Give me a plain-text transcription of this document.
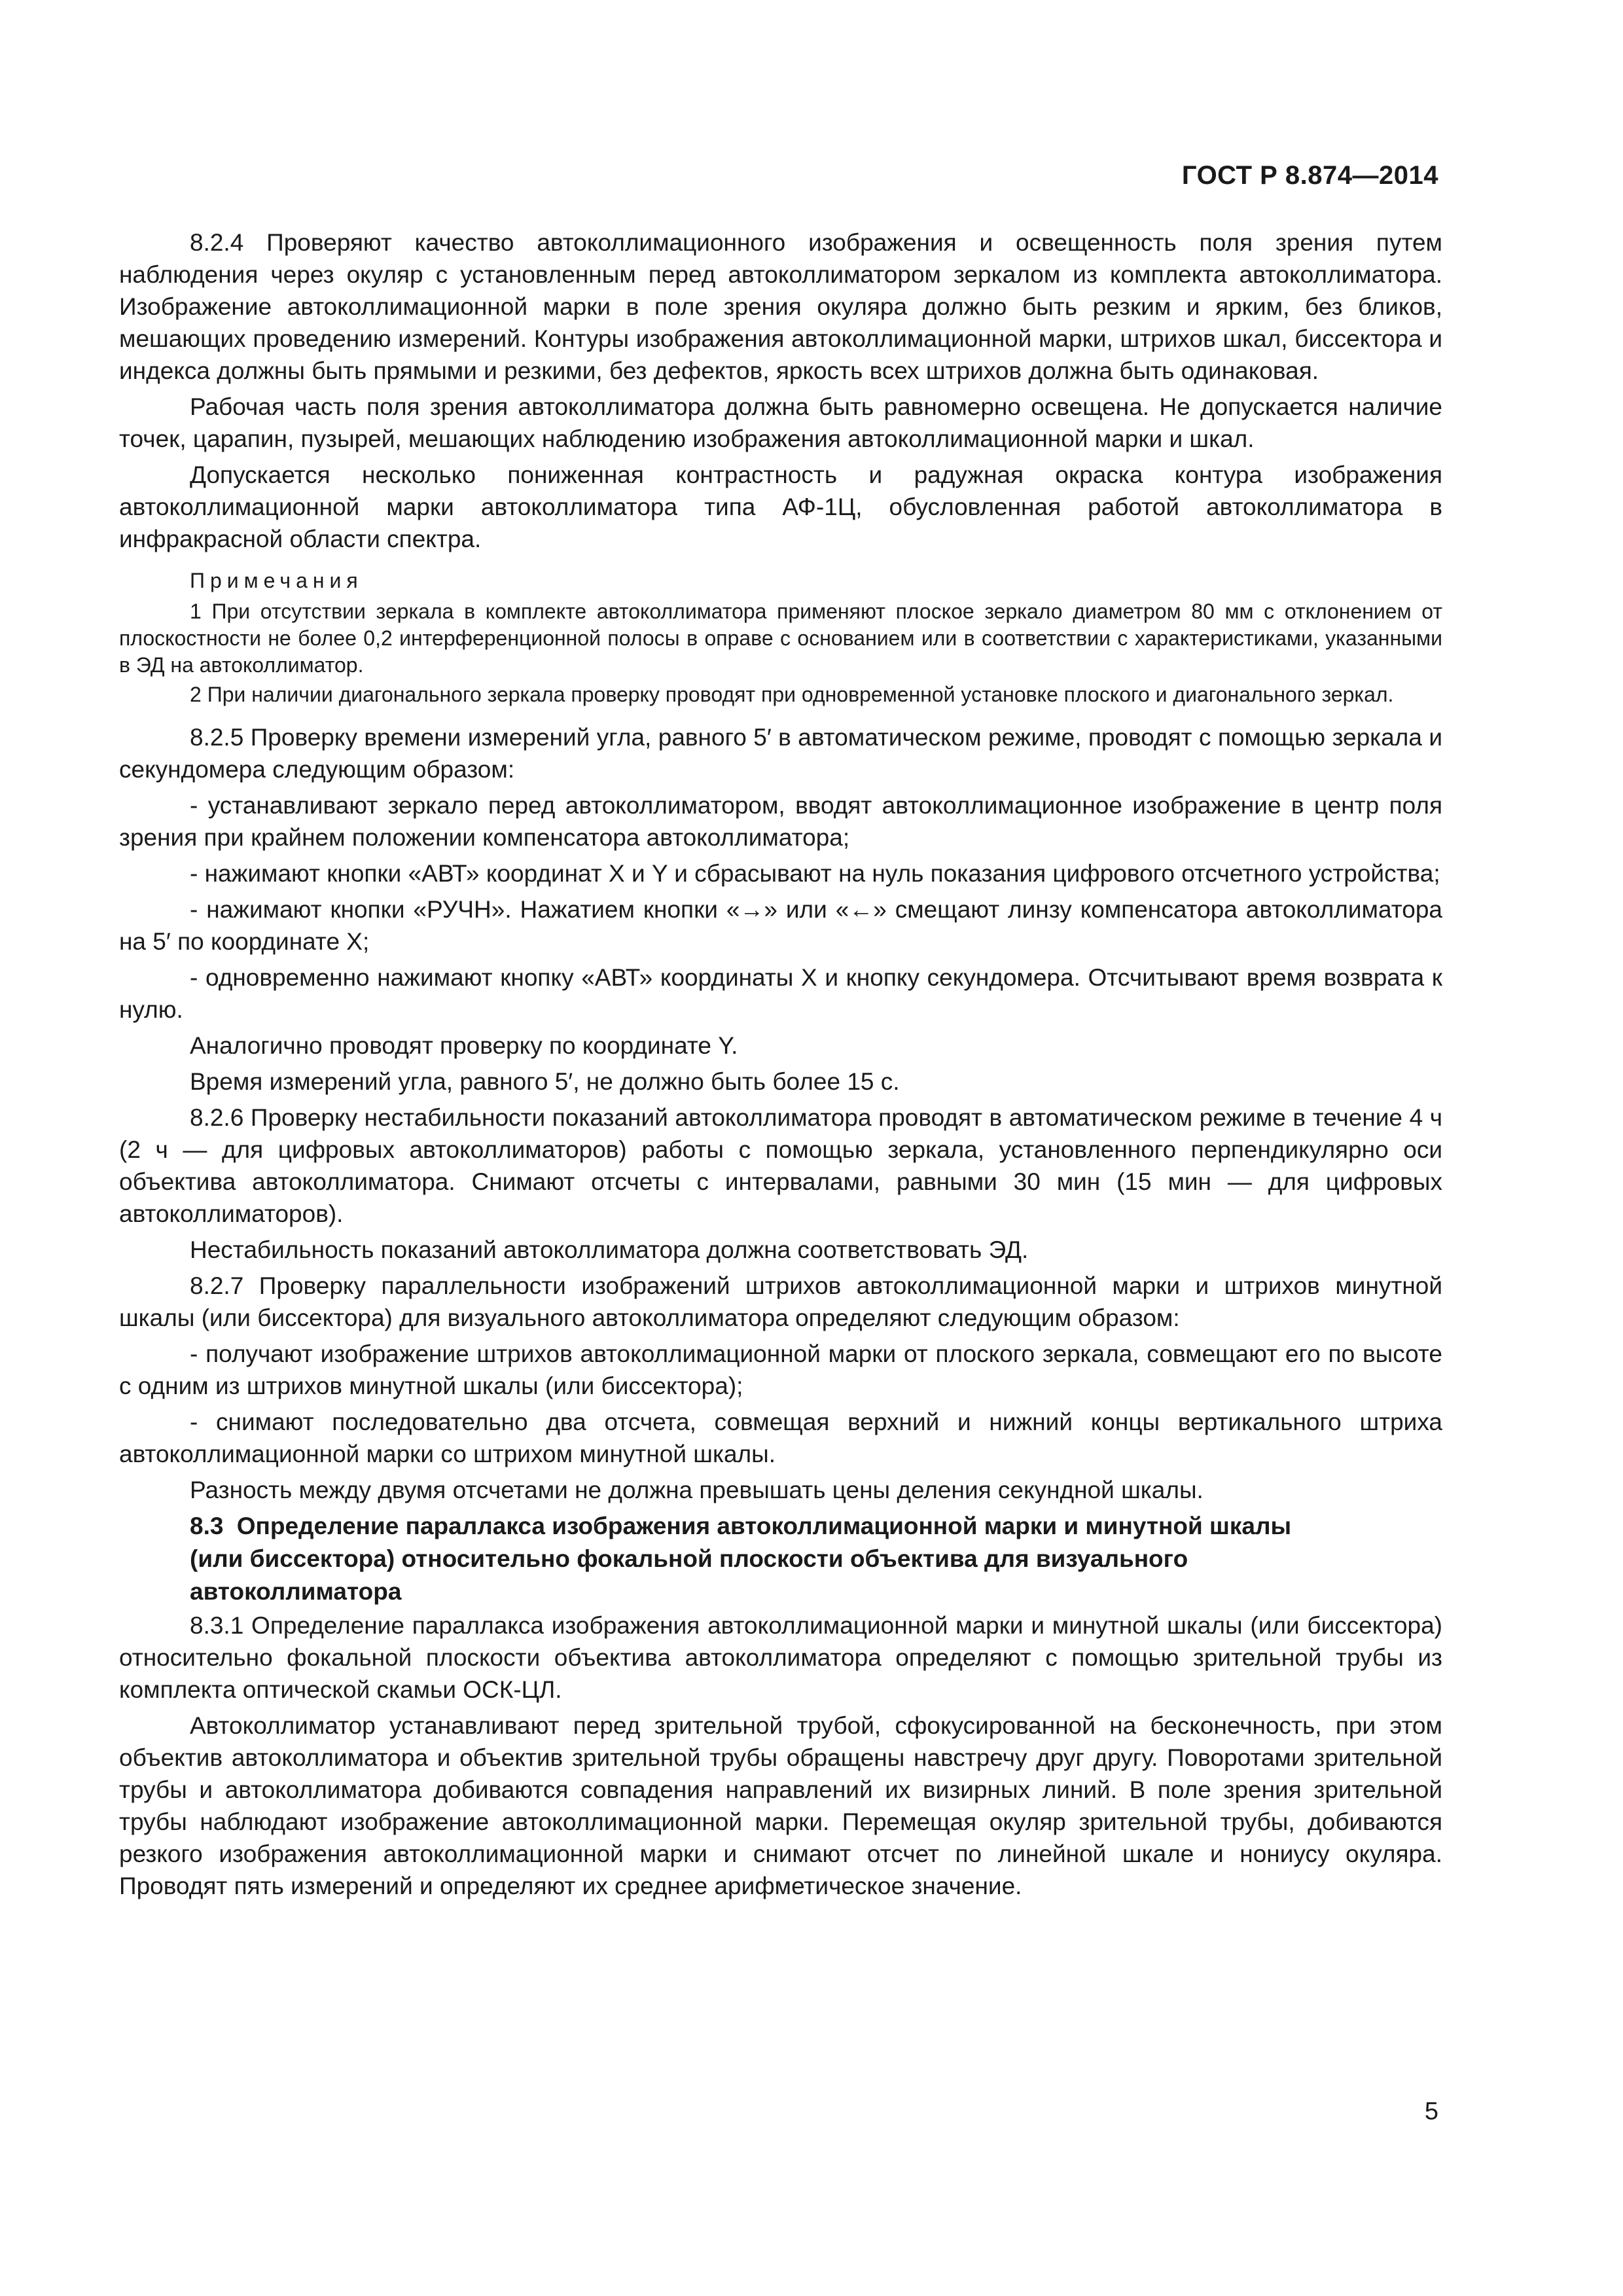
ГОСТ Р 8.874—2014

8.2.4 Проверяют качество автоколлимационного изображения и освещенность поля зрения путем наблюдения через окуляр с установленным перед автоколлиматором зеркалом из комплекта автоколлиматора. Изображение автоколлимационной марки в поле зрения окуляра должно быть резким и ярким, без бликов, мешающих проведению измерений. Контуры изображения автоколлимационной марки, штрихов шкал, биссектора и индекса должны быть прямыми и резкими, без дефектов, яркость всех штрихов должна быть одинаковая.

Рабочая часть поля зрения автоколлиматора должна быть равномерно освещена. Не допускается наличие точек, царапин, пузырей, мешающих наблюдению изображения автоколлимационной марки и шкал.

Допускается несколько пониженная контрастность и радужная окраска контура изображения автоколлимационной марки автоколлиматора типа АФ-1Ц, обусловленная работой автоколлиматора в инфракрасной области спектра.

Примечания

1 При отсутствии зеркала в комплекте автоколлиматора применяют плоское зеркало диаметром 80 мм с отклонением от плоскостности не более 0,2 интерференционной полосы в оправе с основанием или в соответствии с характеристиками, указанными в ЭД на автоколлиматор.

2 При наличии диагонального зеркала проверку проводят при одновременной установке плоского и диагонального зеркал.

8.2.5 Проверку времени измерений угла, равного 5′ в автоматическом режиме, проводят с помощью зеркала и секундомера следующим образом:

- устанавливают зеркало перед автоколлиматором, вводят автоколлимационное изображение в центр поля зрения при крайнем положении компенсатора автоколлиматора;

- нажимают кнопки «АВТ» координат X и Y и сбрасывают на нуль показания цифрового отсчетного устройства;

- нажимают кнопки «РУЧН». Нажатием кнопки «→» или «←» смещают линзу компенсатора автоколлиматора на 5′ по координате X;

- одновременно нажимают кнопку «АВТ» координаты X и кнопку секундомера. Отсчитывают время возврата к нулю.

Аналогично проводят проверку по координате Y.

Время измерений угла, равного 5′, не должно быть более 15 с.

8.2.6 Проверку нестабильности показаний автоколлиматора проводят в автоматическом режиме в течение 4 ч (2 ч — для цифровых автоколлиматоров) работы с помощью зеркала, установленного перпендикулярно оси объектива автоколлиматора. Снимают отсчеты с интервалами, равными 30 мин (15 мин — для цифровых автоколлиматоров).

Нестабильность показаний автоколлиматора должна соответствовать ЭД.

8.2.7 Проверку параллельности изображений штрихов автоколлимационной марки и штрихов минутной шкалы (или биссектора) для визуального автоколлиматора определяют следующим образом:

- получают изображение штрихов автоколлимационной марки от плоского зеркала, совмещают его по высоте с одним из штрихов минутной шкалы (или биссектора);

- снимают последовательно два отсчета, совмещая верхний и нижний концы вертикального штриха автоколлимационной марки со штрихом минутной шкалы.

Разность между двумя отсчетами не должна превышать цены деления секундной шкалы.

8.3 Определение параллакса изображения автоколлимационной марки и минутной шкалы
(или биссектора) относительно фокальной плоскости объектива для визуального
автоколлиматора

8.3.1 Определение параллакса изображения автоколлимационной марки и минутной шкалы (или биссектора) относительно фокальной плоскости объектива автоколлиматора определяют с помощью зрительной трубы из комплекта оптической скамьи ОСК-ЦЛ.

Автоколлиматор устанавливают перед зрительной трубой, сфокусированной на бесконечность, при этом объектив автоколлиматора и объектив зрительной трубы обращены навстречу друг другу. Поворотами зрительной трубы и автоколлиматора добиваются совпадения направлений их визирных линий. В поле зрения зрительной трубы наблюдают изображение автоколлимационной марки. Перемещая окуляр зрительной трубы, добиваются резкого изображения автоколлимационной марки и снимают отсчет по линейной шкале и нониусу окуляра. Проводят пять измерений и определяют их среднее арифметическое значение.

5
